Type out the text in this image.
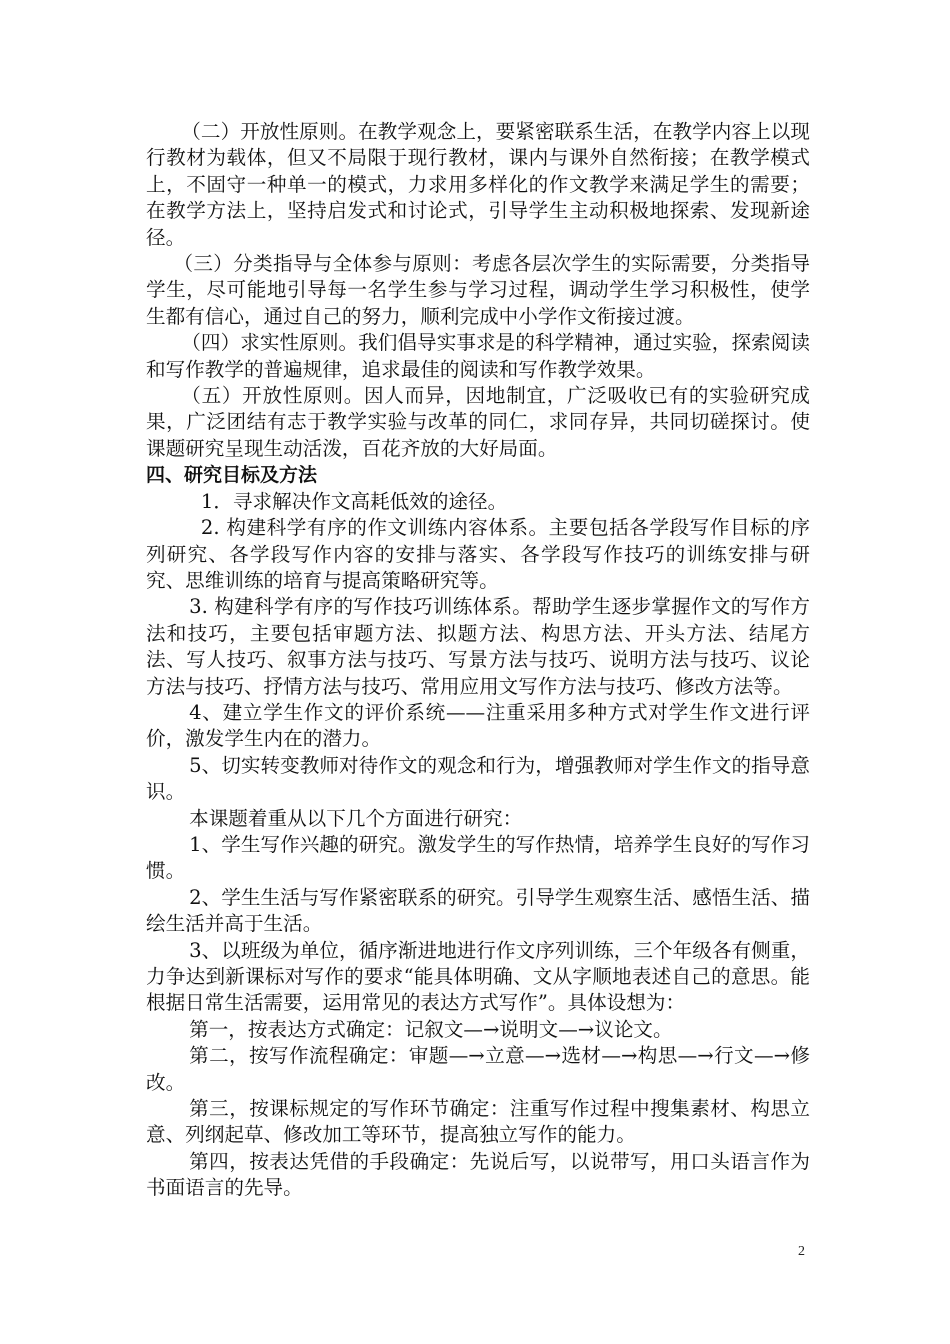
（二）开放性原则。在教学观念上，要紧密联系生活，在教学内容上以现行教材为载体，但又不局限于现行教材，课内与课外自然衔接；在教学模式上，不固守一种单一的模式，力求用多样化的作文教学来满足学生的需要；在教学方法上，坚持启发式和讨论式，引导学生主动积极地探索、发现新途径。

（三）分类指导与全体参与原则：考虑各层次学生的实际需要，分类指导学生，尽可能地引导每一名学生参与学习过程，调动学生学习积极性，使学生都有信心，通过自己的努力，顺利完成中小学作文衔接过渡。

（四）求实性原则。我们倡导实事求是的科学精神，通过实验，探索阅读和写作教学的普遍规律，追求最佳的阅读和写作教学效果。

（五）开放性原则。因人而异，因地制宜，广泛吸收已有的实验研究成果，广泛团结有志于教学实验与改革的同仁，求同存异，共同切磋探讨。使课题研究呈现生动活泼，百花齐放的大好局面。

四、研究目标及方法

1．寻求解决作文高耗低效的途径。

2. 构建科学有序的作文训练内容体系。主要包括各学段写作目标的序列研究、各学段写作内容的安排与落实、各学段写作技巧的训练安排与研究、思维训练的培育与提高策略研究等。

3. 构建科学有序的写作技巧训练体系。帮助学生逐步掌握作文的写作方法和技巧，主要包括审题方法、拟题方法、构思方法、开头方法、结尾方法、写人技巧、叙事方法与技巧、写景方法与技巧、说明方法与技巧、议论方法与技巧、抒情方法与技巧、常用应用文写作方法与技巧、修改方法等。

4、建立学生作文的评价系统——注重采用多种方式对学生作文进行评价，激发学生内在的潜力。

5、切实转变教师对待作文的观念和行为，增强教师对学生作文的指导意识。

本课题着重从以下几个方面进行研究：

1、学生写作兴趣的研究。激发学生的写作热情，培养学生良好的写作习惯。

2、学生生活与写作紧密联系的研究。引导学生观察生活、感悟生活、描绘生活并高于生活。

3、以班级为单位，循序渐进地进行作文序列训练，三个年级各有侧重，力争达到新课标对写作的要求“能具体明确、文从字顺地表述自己的意思。能根据日常生活需要，运用常见的表达方式写作”。具体设想为：

第一，按表达方式确定：记叙文—→说明文—→议论文。

第二，按写作流程确定：审题—→立意—→选材—→构思—→行文—→修改。

第三，按课标规定的写作环节确定：注重写作过程中搜集素材、构思立意、列纲起草、修改加工等环节，提高独立写作的能力。

第四，按表达凭借的手段确定：先说后写，以说带写，用口头语言作为书面语言的先导。

2
